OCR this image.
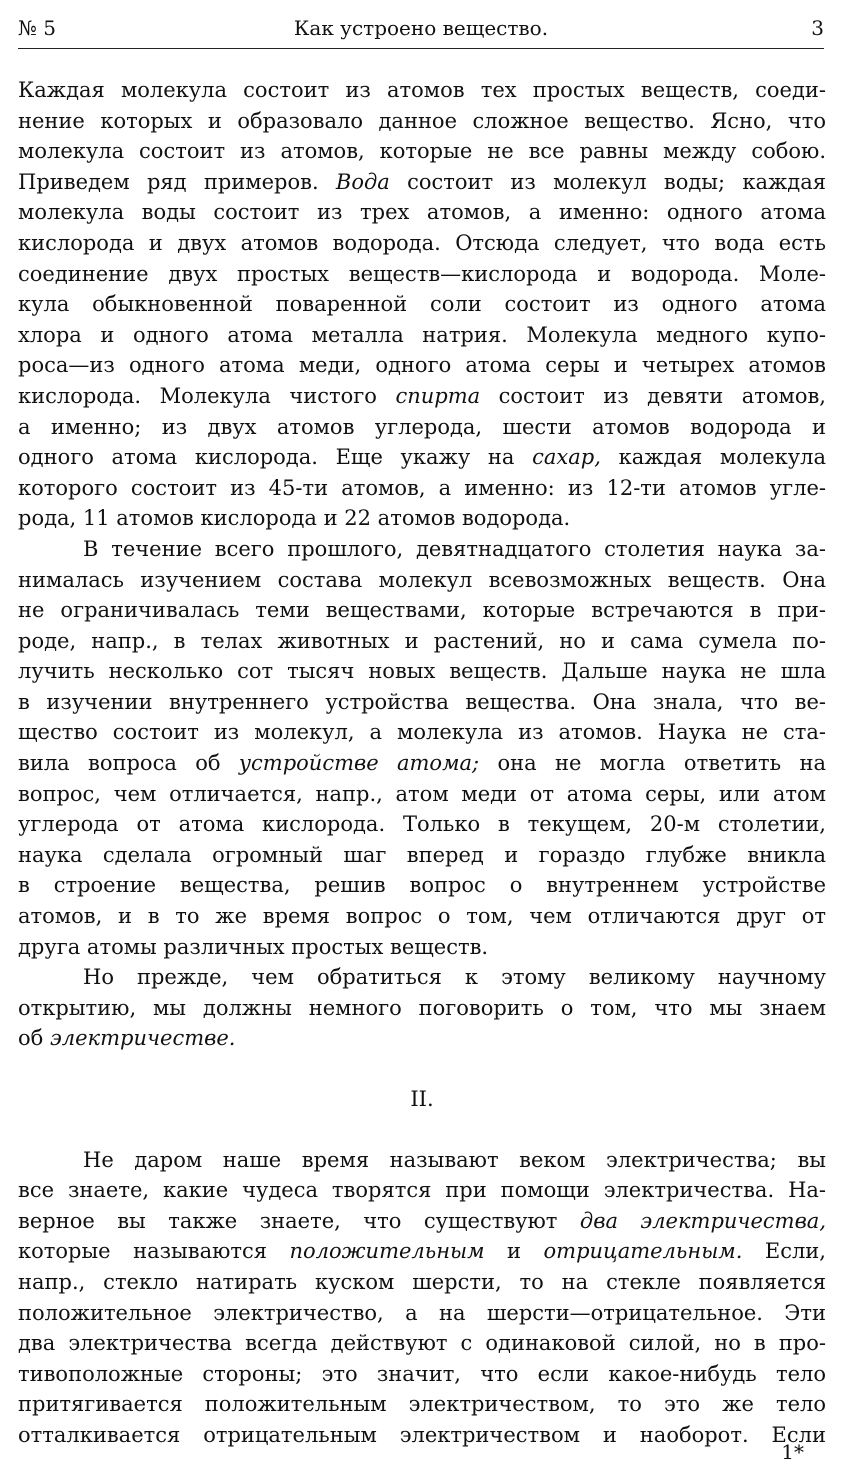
№ 5	Как устроено вещество.	3
Каждая молекула состоит из атомов тех простых веществ, соеди-
нение которых и образовало данное сложное вещество. Ясно, что
молекула состоит из атомов, которые не все равны между собою.
Приведем ряд примеров. Вода состоит из молекул воды; каждая
молекула воды состоит из трех атомов, а именно: одного атома
кислорода и двух атомов водорода. Отсюда следует, что вода есть
соединение двух простых веществ—кислорода и водорода. Моле-
кула обыкновенной поваренной соли состоит из одного атома
хлора и одного атома металла натрия. Молекула медного купо-
роса—из одного атома меди, одного атома серы и четырех атомов
кислорода. Молекула чистого спирта состоит из девяти атомов,
а именно; из двух атомов углерода, шести атомов водорода и
одного атома кислорода. Еще укажу на сахар, каждая молекула
которого состоит из 45-ти атомов, а именно: из 12-ти атомов угле-
рода, 11 атомов кислорода и 22 атомов водорода.
В течение всего прошлого, девятнадцатого столетия наука за-
нималась изучением состава молекул всевозможных веществ. Она
не ограничивалась теми веществами, которые встречаются в при-
роде, напр., в телах животных и растений, но и сама сумела по-
лучить несколько сот тысяч новых веществ. Дальше наука не шла
в изучении внутреннего устройства вещества. Она знала, что ве-
щество состоит из молекул, а молекула из атомов. Наука не ста-
вила вопроса об устройстве атома; она не могла ответить на
вопрос, чем отличается, напр., атом меди от атома серы, или атом
углерода от атома кислорода. Только в текущем, 20-м столетии,
наука сделала огромный шаг вперед и гораздо глубже вникла
в строение вещества, решив вопрос о внутреннем устройстве
атомов, и в то же время вопрос о том, чем отличаются друг от
друга атомы различных простых веществ.
Но прежде, чем обратиться к этому великому научному
открытию, мы должны немного поговорить о том, что мы знаем
об электричестве.
II.
Не даром наше время называют веком электричества; вы
все знаете, какие чудеса творятся при помощи электричества. На-
верное вы также знаете, что существуют два электричества,
которые называются положительным и отрицательным. Если,
напр., стекло натирать куском шерсти, то на стекле появляется
положительное электричество, а на шерсти—отрицательное. Эти
два электричества всегда действуют с одинаковой силой, но в про-
тивоположные стороны; это значит, что если какое-нибудь тело
притягивается положительным электричеством, то это же тело
отталкивается отрицательным электричеством и наоборот. Если
1*
